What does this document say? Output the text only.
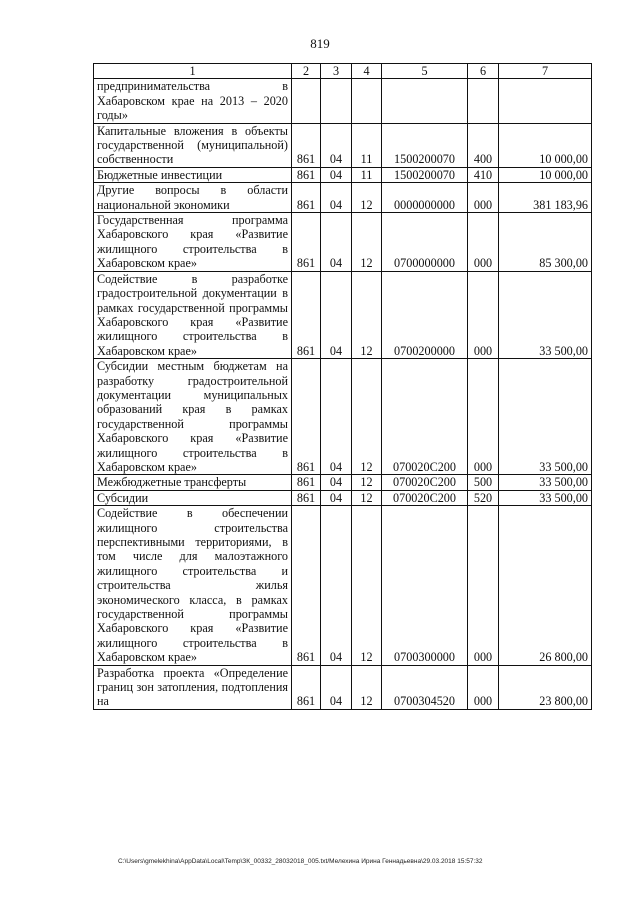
819
1	2	3	4	5	6	7
предпринимательства в Хабаровском крае на 2013 – 2020 годы»						
Капитальные вложения в объекты государственной (муниципальной) собственности	861	04	11	1500200070	400	10 000,00
Бюджетные инвестиции	861	04	11	1500200070	410	10 000,00
Другие вопросы в области национальной экономики	861	04	12	0000000000	000	381 183,96
Государственная программа Хабаровского края «Развитие жилищного строительства в Хабаровском крае»	861	04	12	0700000000	000	85 300,00
Содействие в разработке градостроительной документации в рамках государственной программы Хабаровского края «Развитие жилищного строительства в Хабаровском крае»	861	04	12	0700200000	000	33 500,00
Субсидии местным бюджетам на разработку градостроительной документации муниципальных образований края в рамках государственной программы Хабаровского края «Развитие жилищного строительства в Хабаровском крае»	861	04	12	070020С200	000	33 500,00
Межбюджетные трансферты	861	04	12	070020С200	500	33 500,00
Субсидии	861	04	12	070020С200	520	33 500,00
Содействие в обеспечении жилищного строительства перспективными территориями, в том числе для малоэтажного жилищного строительства и строительства жилья экономического класса, в рамках государственной программы Хабаровского края «Развитие жилищного строительства в Хабаровском крае»	861	04	12	0700300000	000	26 800,00
Разработка проекта «Определение границ зон затопления, подтопления на	861	04	12	0700304520	000	23 800,00
C:\Users\gmelekhina\AppData\Local\Temp\ЗК_00332_28032018_005.txt/Мелехина Ирина Геннадьевна\29.03.2018 15:57:32
